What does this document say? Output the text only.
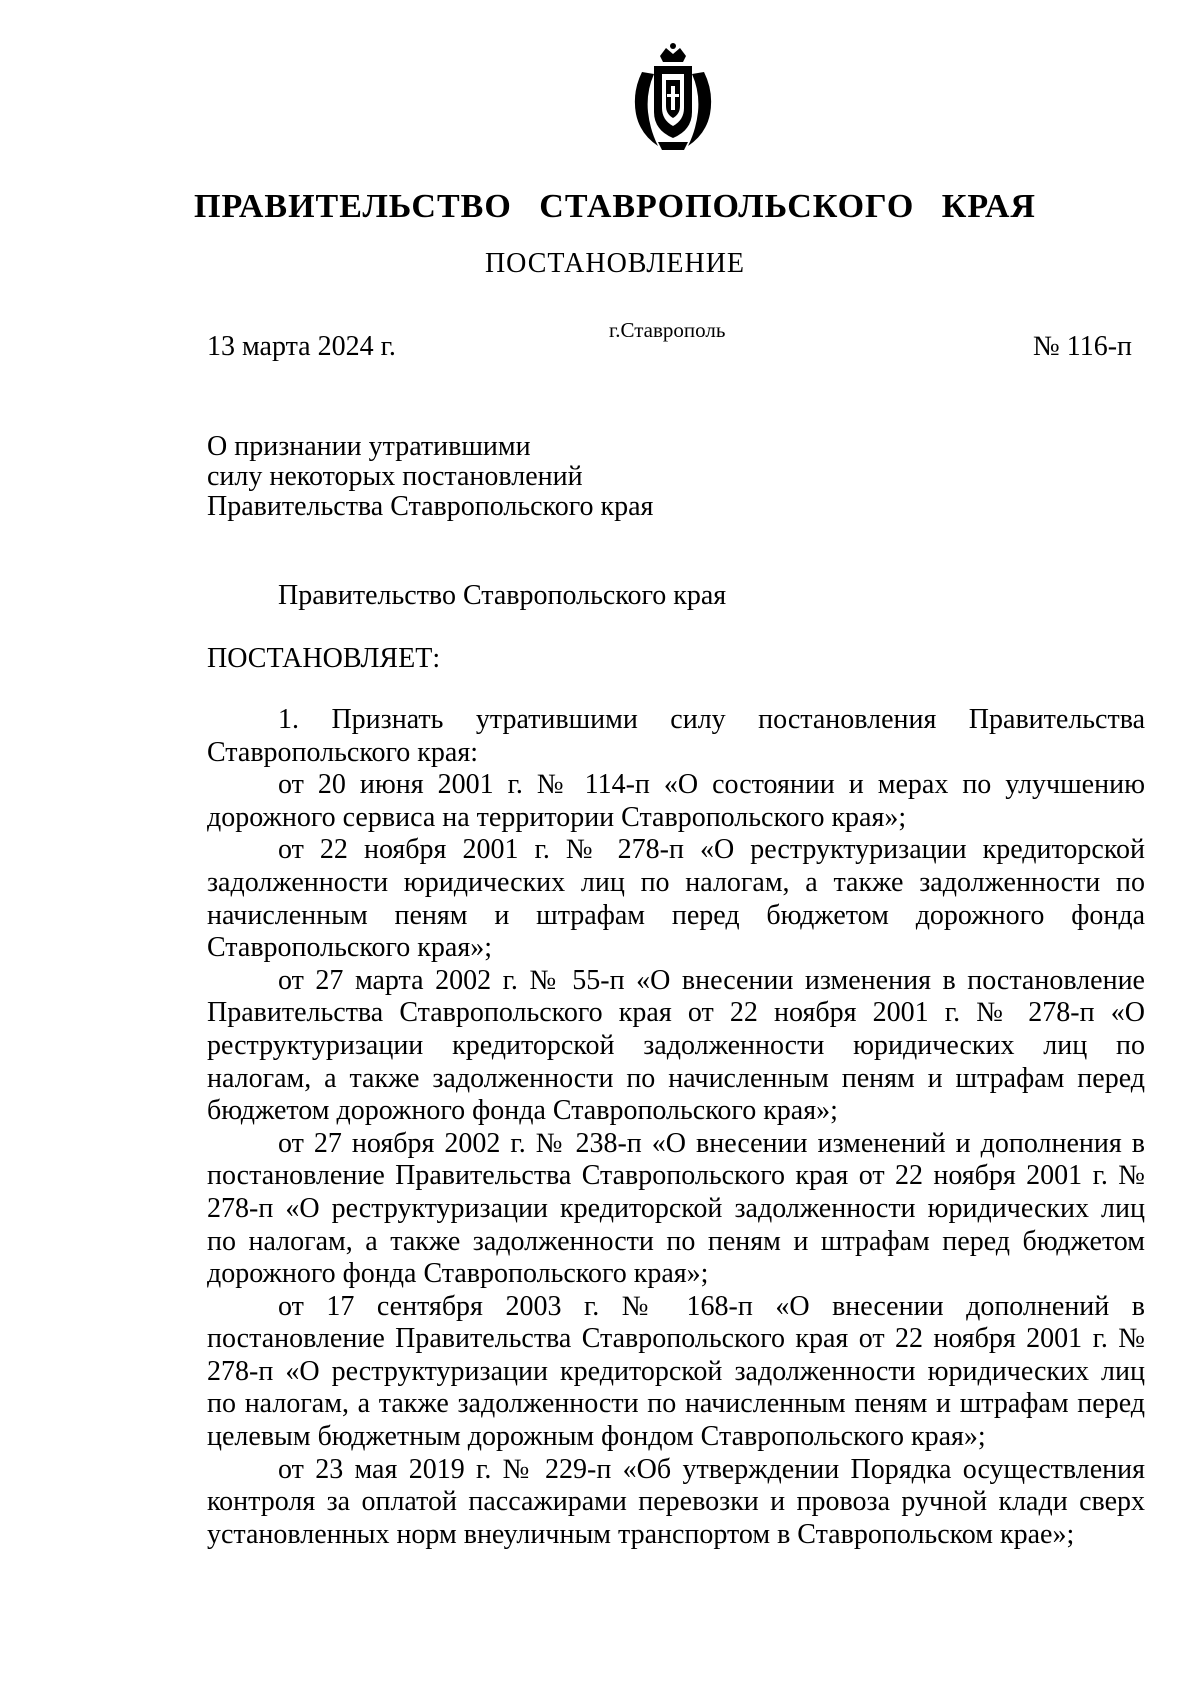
ПРАВИТЕЛЬСТВО СТАВРОПОЛЬСКОГО КРАЯ
ПОСТАНОВЛЕНИЕ
13 марта 2024 г.
г.Ставрополь
№ 116-п
О признании утратившими
силу некоторых постановлений
Правительства Ставропольского края
Правительство Ставропольского края
ПОСТАНОВЛЯЕТ:

1. Признать утратившими силу постановления Правительства Ставропольского края:

от 20 июня 2001 г. № 114-п «О состоянии и мерах по улучшению дорожного сервиса на территории Ставропольского края»;

от 22 ноября 2001 г. № 278-п «О реструктуризации кредиторской задолженности юридических лиц по налогам, а также задолженности по начисленным пеням и штрафам перед бюджетом дорожного фонда Ставропольского края»;

от 27 марта 2002 г. № 55-п «О внесении изменения в постановление Правительства Ставропольского края от 22 ноября 2001 г. № 278-п «О реструктуризации кредиторской задолженности юридических лиц по налогам, а также задолженности по начисленным пеням и штрафам перед бюджетом дорожного фонда Ставропольского края»;

от 27 ноября 2002 г. № 238-п «О внесении изменений и дополнения в постановление Правительства Ставропольского края от 22 ноября 2001 г. № 278-п «О реструктуризации кредиторской задолженности юридических лиц по налогам, а также задолженности по пеням и штрафам перед бюджетом дорожного фонда Ставропольского края»;

от 17 сентября 2003 г. № 168-п «О внесении дополнений в постановление Правительства Ставропольского края от 22 ноября 2001 г. № 278-п «О реструктуризации кредиторской задолженности юридических лиц по налогам, а также задолженности по начисленным пеням и штрафам перед целевым бюджетным дорожным фондом Ставропольского края»;

от 23 мая 2019 г. № 229-п «Об утверждении Порядка осуществления контроля за оплатой пассажирами перевозки и провоза ручной клади сверх установленных норм внеуличным транспортом в Ставропольском крае»;
